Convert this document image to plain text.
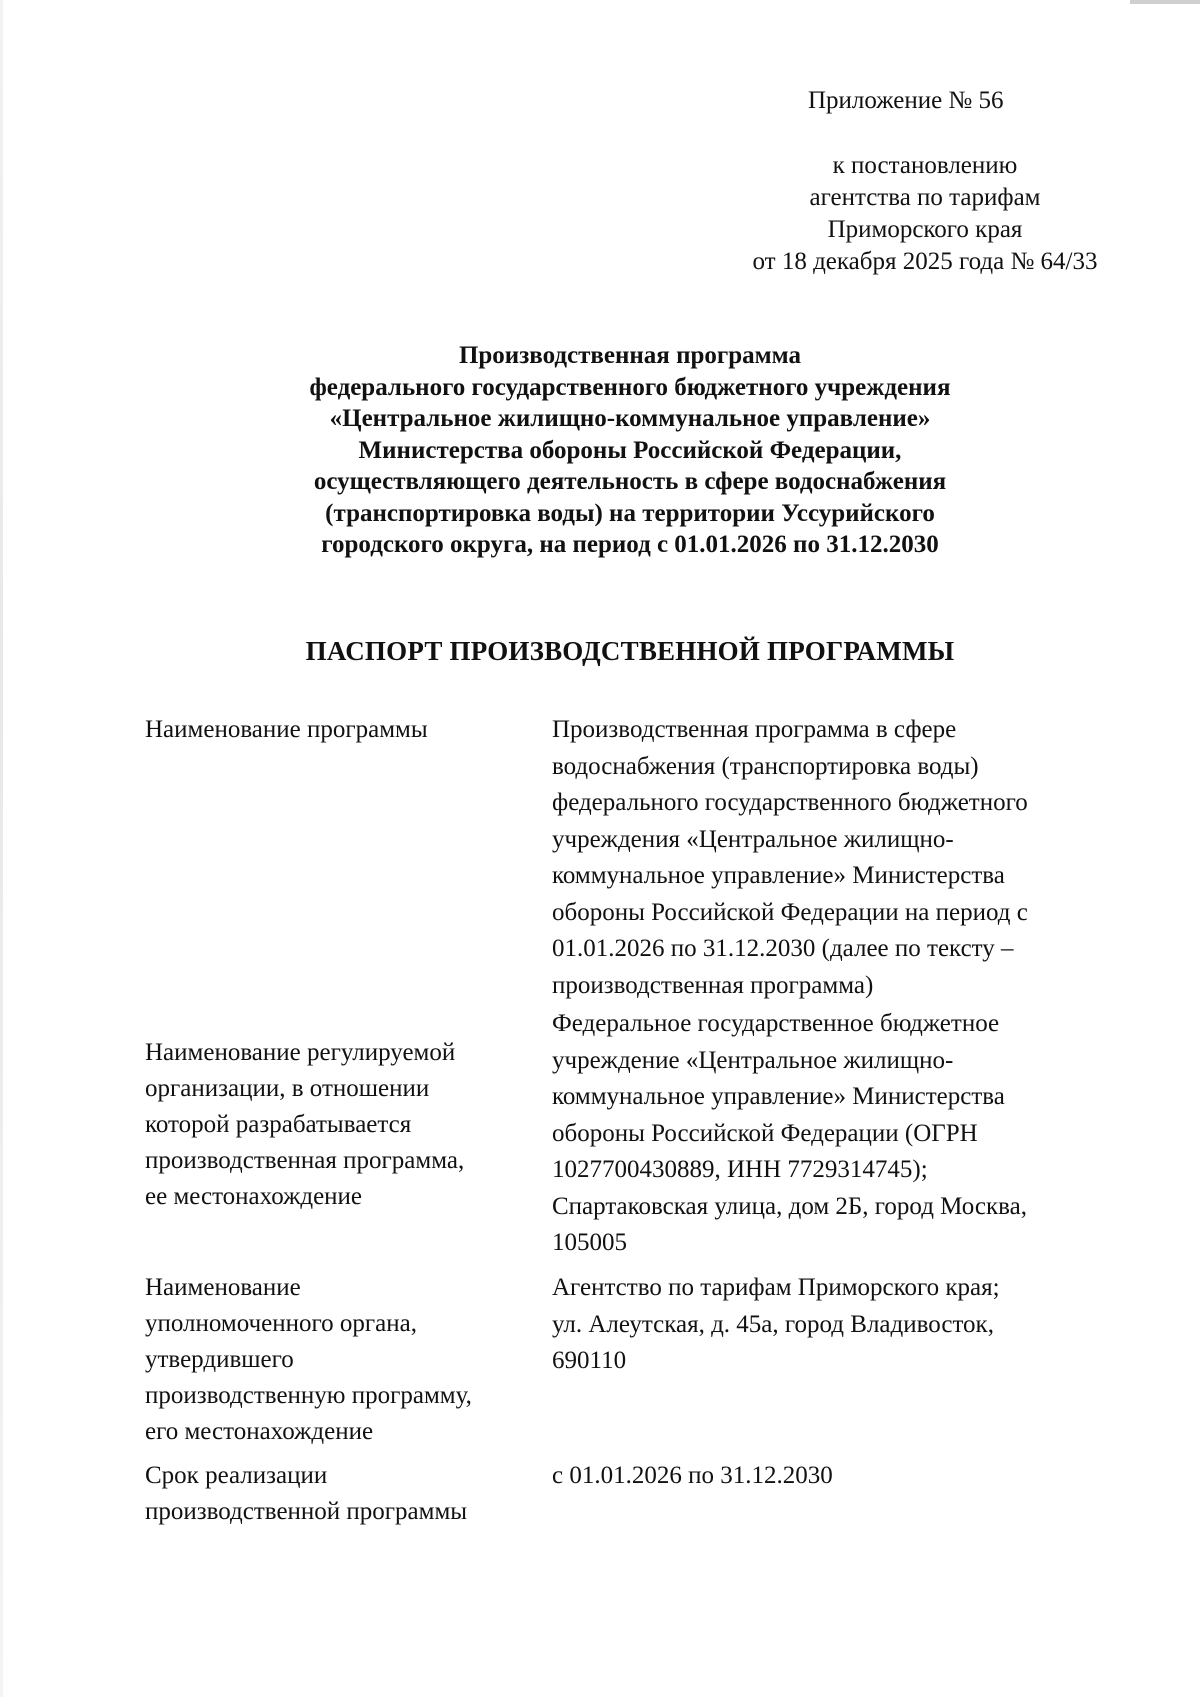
Приложение № 56
к постановлению
агентства по тарифам
Приморского края
от 18 декабря 2025 года № 64/33
Производственная программа
федерального государственного бюджетного учреждения
«Центральное жилищно-коммунальное управление»
Министерства обороны Российской Федерации,
осуществляющего деятельность в сфере водоснабжения
(транспортировка воды) на территории Уссурийского
городского округа, на период с 01.01.2026 по 31.12.2030
ПАСПОРТ ПРОИЗВОДСТВЕННОЙ ПРОГРАММЫ
Наименование программы	Производственная программа в сфере
водоснабжения (транспортировка воды)
федерального государственного бюджетного
учреждения «Центральное жилищно-
коммунальное управление» Министерства
обороны Российской Федерации на период с
01.01.2026 по 31.12.2030 (далее по тексту –
производственная программа)
Наименование регулируемой
организации, в отношении
которой разрабатывается
производственная программа,
ее местонахождение
Федеральное государственное бюджетное
учреждение «Центральное жилищно-
коммунальное управление» Министерства
обороны Российской Федерации (ОГРН
1027700430889, ИНН 7729314745);
Спартаковская улица, дом 2Б, город Москва,
105005
Наименование
уполномоченного органа,
утвердившего
производственную программу,
его местонахождение
Агентство по тарифам Приморского края;
ул. Алеутская, д. 45а, город Владивосток,
690110
Срок реализации
производственной программы
с 01.01.2026 по 31.12.2030
